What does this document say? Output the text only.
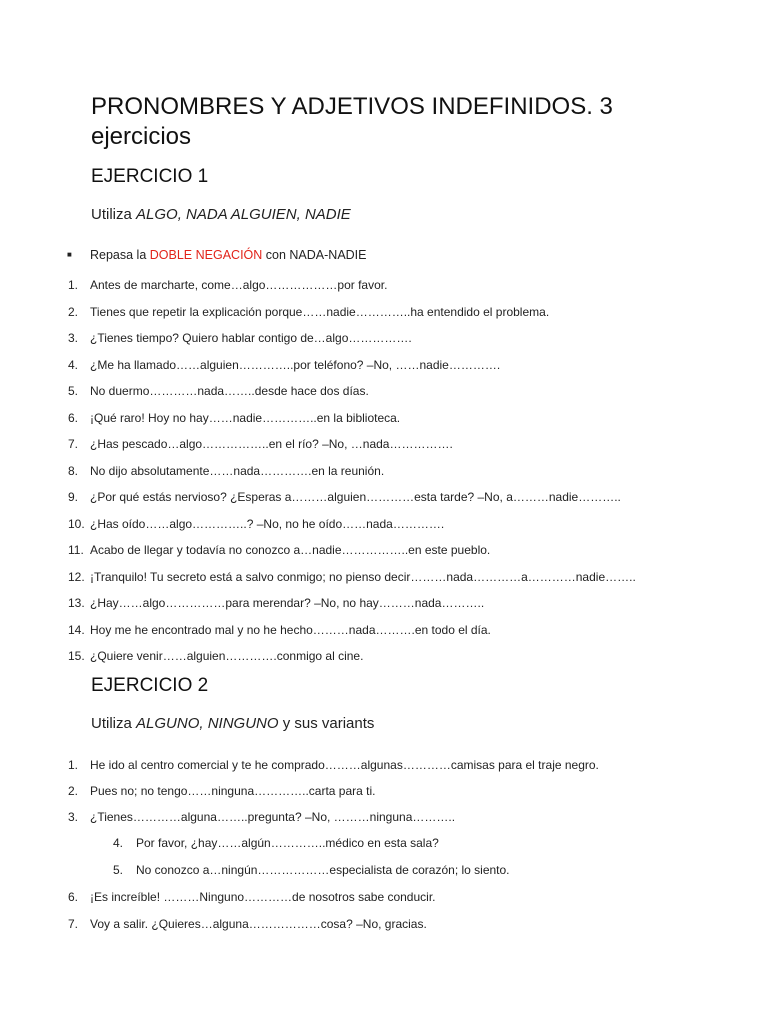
PRONOMBRES Y ADJETIVOS INDEFINIDOS. 3 ejercicios
EJERCICIO 1

Utiliza ALGO, NADA ALGUIEN, NADIE

■ Repasa la DOBLE NEGACIÓN con NADA-NADIE
1. Antes de marcharte, come…algo………………por favor.
2. Tienes que repetir la explicación porque……nadie…………..ha entendido el problema.
3. ¿Tienes tiempo? Quiero hablar contigo de…algo…………….
4. ¿Me ha llamado……alguien…………..por teléfono? –No, ……nadie………….
5. No duermo…………nada……..desde hace dos días.
6. ¡Qué raro! Hoy no hay……nadie…………..en la biblioteca.
7. ¿Has pescado…algo……………..en el río? –No, …nada…………….
8. No dijo absolutamente……nada………….en la reunión.
9. ¿Por qué estás nervioso? ¿Esperas a………alguien…………esta tarde? –No, a………nadie………..
10. ¿Has oído……algo…………..? –No, no he oído……nada………….
11. Acabo de llegar y todavía no conozco a…nadie……………..en este pueblo.
12. ¡Tranquilo! Tu secreto está a salvo conmigo; no pienso decir………nada…………a…………nadie……..
13. ¿Hay……algo……………para merendar? –No, no hay………nada………..
14. Hoy me he encontrado mal y no he hecho………nada……….en todo el día.
15. ¿Quiere venir……alguien………….conmigo al cine.
EJERCICIO 2

Utiliza ALGUNO, NINGUNO y sus variants

1. He ido al centro comercial y te he comprado………algunas…………camisas para el traje negro.
2. Pues no; no tengo……ninguna…………..carta para ti.
3. ¿Tienes…………alguna……..pregunta? –No, ………ninguna………..
4. Por favor, ¿hay……algún…………..médico en esta sala?
5. No conozco a…ningún………………especialista de corazón; lo siento.
6. ¡Es increíble! ………Ninguno…………de nosotros sabe conducir.
7. Voy a salir. ¿Quieres…alguna………………cosa? –No, gracias.
